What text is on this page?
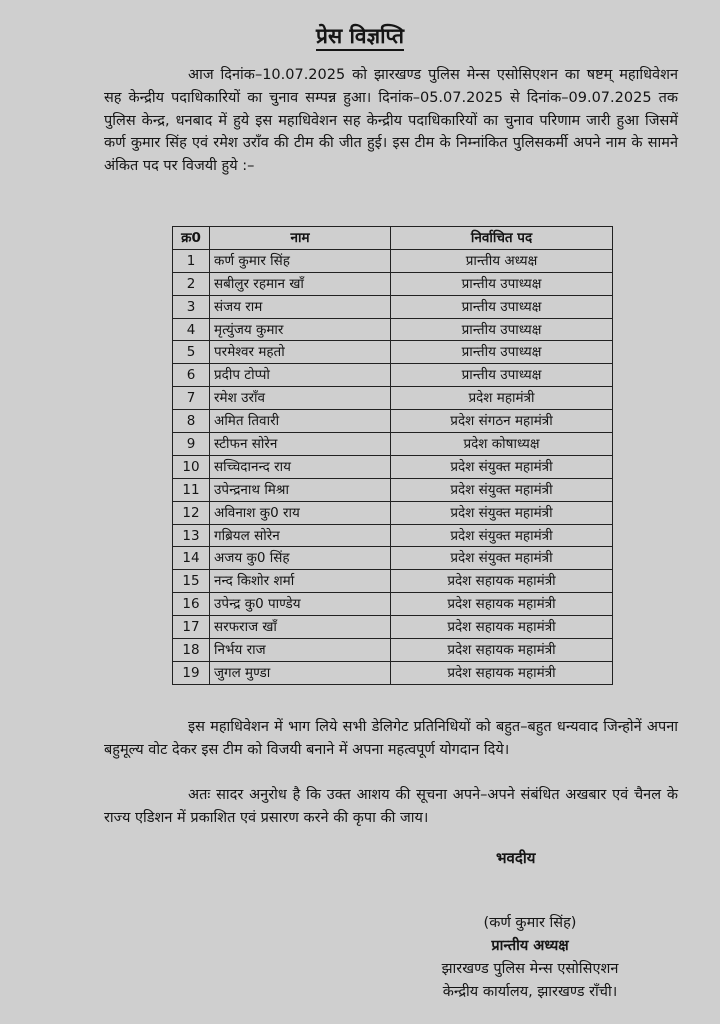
प्रेस विज्ञप्ति
आज दिनांक–10.07.2025 को झारखण्ड पुलिस मेन्स एसोसिएशन का षष्टम् महाधिवेशन सह केन्द्रीय पदाधिकारियों का चुनाव सम्पन्न हुआ। दिनांक–05.07.2025 से दिनांक–09.07.2025 तक पुलिस केन्द्र, धनबाद में हुये इस महाधिवेशन सह केन्द्रीय पदाधिकारियों का चुनाव परिणाम जारी हुआ जिसमें कर्ण कुमार सिंह एवं रमेश उराँव की टीम की जीत हुई। इस टीम के निम्नांकित पुलिसकर्मी अपने नाम के सामने अंकित पद पर विजयी हुये :–
क्र0	नाम	निर्वाचित पद
1	कर्ण कुमार सिंह	प्रान्तीय अध्यक्ष
2	सबीलुर रहमान खाँ	प्रान्तीय उपाध्यक्ष
3	संजय राम	प्रान्तीय उपाध्यक्ष
4	मृत्युंजय कुमार	प्रान्तीय उपाध्यक्ष
5	परमेश्वर महतो	प्रान्तीय उपाध्यक्ष
6	प्रदीप टोप्पो	प्रान्तीय उपाध्यक्ष
7	रमेश उराँव	प्रदेश महामंत्री
8	अमित तिवारी	प्रदेश संगठन महामंत्री
9	स्टीफन सोरेन	प्रदेश कोषाध्यक्ष
10	सच्चिदानन्द राय	प्रदेश संयुक्त महामंत्री
11	उपेन्द्रनाथ मिश्रा	प्रदेश संयुक्त महामंत्री
12	अविनाश कु0 राय	प्रदेश संयुक्त महामंत्री
13	गब्रियल सोरेन	प्रदेश संयुक्त महामंत्री
14	अजय कु0 सिंह	प्रदेश संयुक्त महामंत्री
15	नन्द किशोर शर्मा	प्रदेश सहायक महामंत्री
16	उपेन्द्र कु0 पाण्डेय	प्रदेश सहायक महामंत्री
17	सरफराज खाँ	प्रदेश सहायक महामंत्री
18	निर्भय राज	प्रदेश सहायक महामंत्री
19	जुगल मुण्डा	प्रदेश सहायक महामंत्री
इस महाधिवेशन में भाग लिये सभी डेलिगेट प्रतिनिधियों को बहुत–बहुत धन्यवाद जिन्होनें अपना बहुमूल्य वोट देकर इस टीम को विजयी बनाने में अपना महत्वपूर्ण योगदान दिये।
अतः सादर अनुरोध है कि उक्त आशय की सूचना अपने–अपने संबंधित अखबार एवं चैनल के राज्य एडिशन में प्रकाशित एवं प्रसारण करने की कृपा की जाय।
भवदीय
(कर्ण कुमार सिंह)
प्रान्तीय अध्यक्ष
झारखण्ड पुलिस मेन्स एसोसिएशन
केन्द्रीय कार्यालय, झारखण्ड राँची।
